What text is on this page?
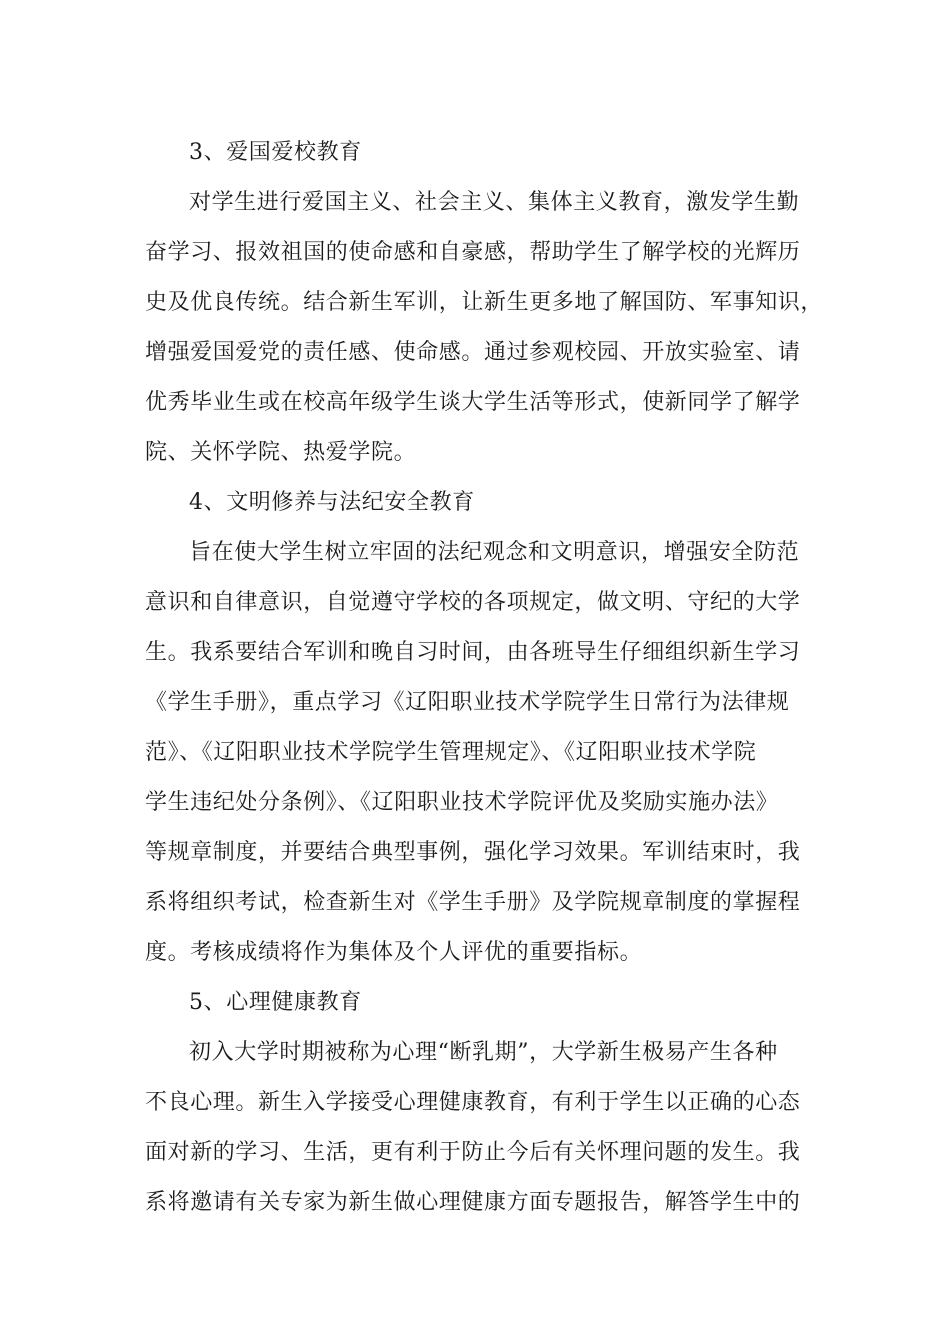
3、爱国爱校教育
对学生进行爱国主义、社会主义、集体主义教育，激发学生勤
奋学习、报效祖国的使命感和自豪感，帮助学生了解学校的光辉历
史及优良传统。结合新生军训，让新生更多地了解国防、军事知识，
增强爱国爱党的责任感、使命感。通过参观校园、开放实验室、请
优秀毕业生或在校高年级学生谈大学生活等形式，使新同学了解学
院、关怀学院、热爱学院。
4、文明修养与法纪安全教育
旨在使大学生树立牢固的法纪观念和文明意识，增强安全防范
意识和自律意识，自觉遵守学校的各项规定，做文明、守纪的大学
生。我系要结合军训和晚自习时间，由各班导生仔细组织新生学习
《学生手册》，重点学习《辽阳职业技术学院学生日常行为法律规
范》、《辽阳职业技术学院学生管理规定》、《辽阳职业技术学院
学生违纪处分条例》、《辽阳职业技术学院评优及奖励实施办法》
等规章制度，并要结合典型事例，强化学习效果。军训结束时，我
系将组织考试，检查新生对《学生手册》及学院规章制度的掌握程
度。考核成绩将作为集体及个人评优的重要指标。
5、心理健康教育
初入大学时期被称为心理“断乳期”，大学新生极易产生各种
不良心理。新生入学接受心理健康教育，有利于学生以正确的心态
面对新的学习、生活，更有利于防止今后有关怀理问题的发生。我
系将邀请有关专家为新生做心理健康方面专题报告，解答学生中的
